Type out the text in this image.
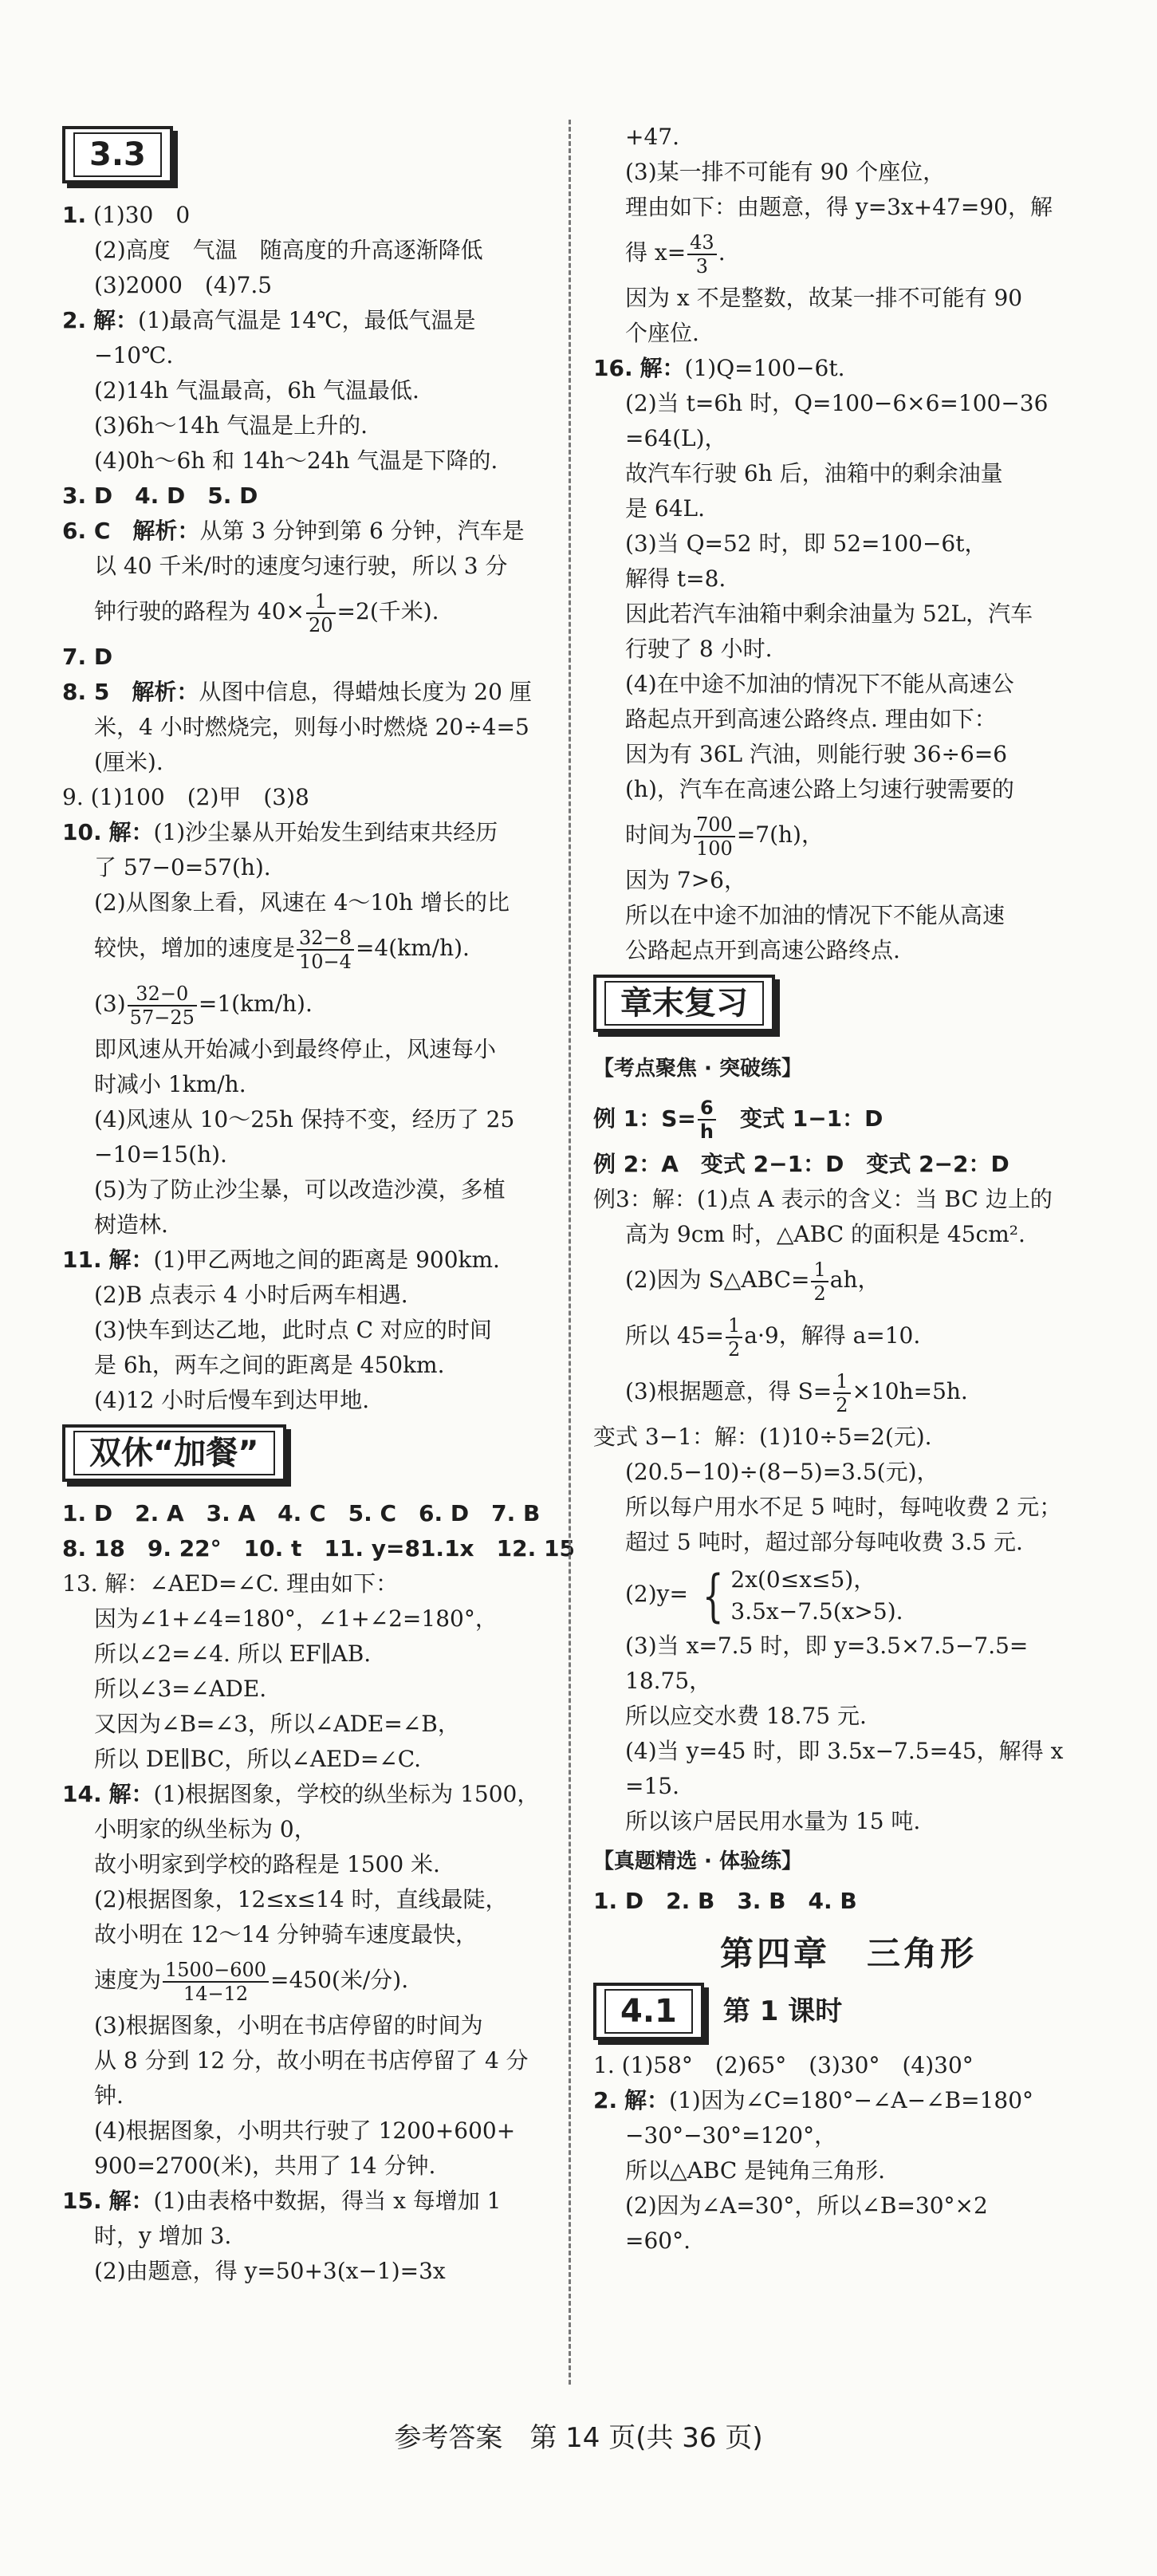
3.3
1. (1)30　0
(2)高度　气温　随高度的升高逐渐降低
(3)2000　(4)7.5
2. 解：(1)最高气温是 14℃，最低气温是
−10℃.
(2)14h 气温最高，6h 气温最低.
(3)6h～14h 气温是上升的.
(4)0h～6h 和 14h～24h 气温是下降的.
3. D　4. D　5. D
6. C　解析：从第 3 分钟到第 6 分钟，汽车是
以 40 千米/时的速度匀速行驶，所以 3 分
钟行驶的路程为 $40\times \frac{1}{20} =2$(千米).
7. D
8. 5　解析：从图中信息，得蜡烛长度为 20 厘
米，4 小时燃烧完，则每小时燃烧 20÷4=5
(厘米).
9. (1)100　(2)甲　(3)8
10. 解：(1)沙尘暴从开始发生到结束共经历
了 57−0=57(h).
(2)从图象上看，风速在 4～10h 增长的比
较快，增加的速度是 $\frac{32-8}{10-4} =4(km/h)$.
$(3) \frac{32-0}{57-25} =1(km/h)$.
即风速从开始减小到最终停止，风速每小
时减小 1km/h.
(4)风速从 10～25h 保持不变，经历了 25
−10=15(h).
(5)为了防止沙尘暴，可以改造沙漠，多植
树造林.
11. 解：(1)甲乙两地之间的距离是 900km.
(2)B 点表示 4 小时后两车相遇.
(3)快车到达乙地，此时点 C 对应的时间
是 6h，两车之间的距离是 450km.
(4)12 小时后慢车到达甲地.
双休“加餐”
1. D　2. A　3. A　4. C　5. C　6. D　7. B
8. 18　9. 22°　10. t　11. y=81.1x　12. 15
13. 解：∠AED=∠C. 理由如下：
因为∠1+∠4=180°，∠1+∠2=180°，
所以∠2=∠4. 所以 EF∥AB.
所以∠3=∠ADE.
又因为∠B=∠3，所以∠ADE=∠B，
所以 DE∥BC，所以∠AED=∠C.
14. 解：(1)根据图象，学校的纵坐标为 1500，
小明家的纵坐标为 0，
故小明家到学校的路程是 1500 米.
(2)根据图象，12≤x≤14 时，直线最陡，
故小明在 12～14 分钟骑车速度最快，
速度为 $\frac{1500-600}{14-12} =450$(米/分).
(3)根据图象，小明在书店停留的时间为
从 8 分到 12 分，故小明在书店停留了 4 分
钟.
(4)根据图象，小明共行驶了 1200+600+
900=2700(米)，共用了 14 分钟.
15. 解：(1)由表格中数据，得当 x 每增加 1
时，y 增加 3.
(2)由题意，得 y=50+3(x−1)=3x
+47.
(3)某一排不可能有 90 个座位，
理由如下：由题意，得 y=3x+47=90，解
得 $x= \frac{43}{3}$ .
因为 x 不是整数，故某一排不可能有 90
个座位.
16. 解：(1)Q=100−6t.
(2)当 t=6h 时，Q=100−6×6=100−36
=64(L)，
故汽车行驶 6h 后，油箱中的剩余油量
是 64L.
(3)当 Q=52 时，即 52=100−6t，
解得 t=8.
因此若汽车油箱中剩余油量为 52L，汽车
行驶了 8 小时.
(4)在中途不加油的情况下不能从高速公
路起点开到高速公路终点. 理由如下：
因为有 36L 汽油，则能行驶 36÷6=6
(h)，汽车在高速公路上匀速行驶需要的
时间为 $\frac{700}{100} =7(h)$，
因为 7>6，
所以在中途不加油的情况下不能从高速
公路起点开到高速公路终点.
章末复习
【考点聚焦 · 突破练】
例 1：$S= \frac{6}{h}$
　 变式 1−1：D
例 2：A　变式 2−1：D　变式 2−2：D
例3：解：(1)点 A 表示的含义：当 BC 边上的
高为 9cm 时，△ABC 的面积是 45cm².
(2)因为 S△ABC= $\frac{1}{2}$ ah，
所以 $45= \frac{1}{2} a\cdot 9$，解得 a=10.
(3)根据题意，得 $S= \frac{1}{2} \times 10h=5h$.
变式 3−1：解：(1)10÷5=2(元).
(20.5−10)÷(8−5)=3.5(元)，
所以每户用水不足 5 吨时，每吨收费 2 元；
超过 5 吨时，超过部分每吨收费 3.5 元.
(2)y= { 2x(0≤x≤5)，
3.5x−7.5(x>5).
(3)当 x=7.5 时，即 y=3.5×7.5−7.5=
18.75，
所以应交水费 18.75 元.
(4)当 y=45 时，即 3.5x−7.5=45，解得 x
=15.
所以该户居民用水量为 15 吨.
【真题精选 · 体验练】
1. D　2. B　3. B　4. B
第四章　三角形
4.1	第 1 课时
1. (1)58°　(2)65°　(3)30°　(4)30°
2. 解：(1)因为∠C=180°−∠A−∠B=180°
−30°−30°=120°，
所以△ABC 是钝角三角形.
(2)因为∠A=30°，所以∠B=30°×2
=60°.
参考答案　第 14 页(共 36 页)
